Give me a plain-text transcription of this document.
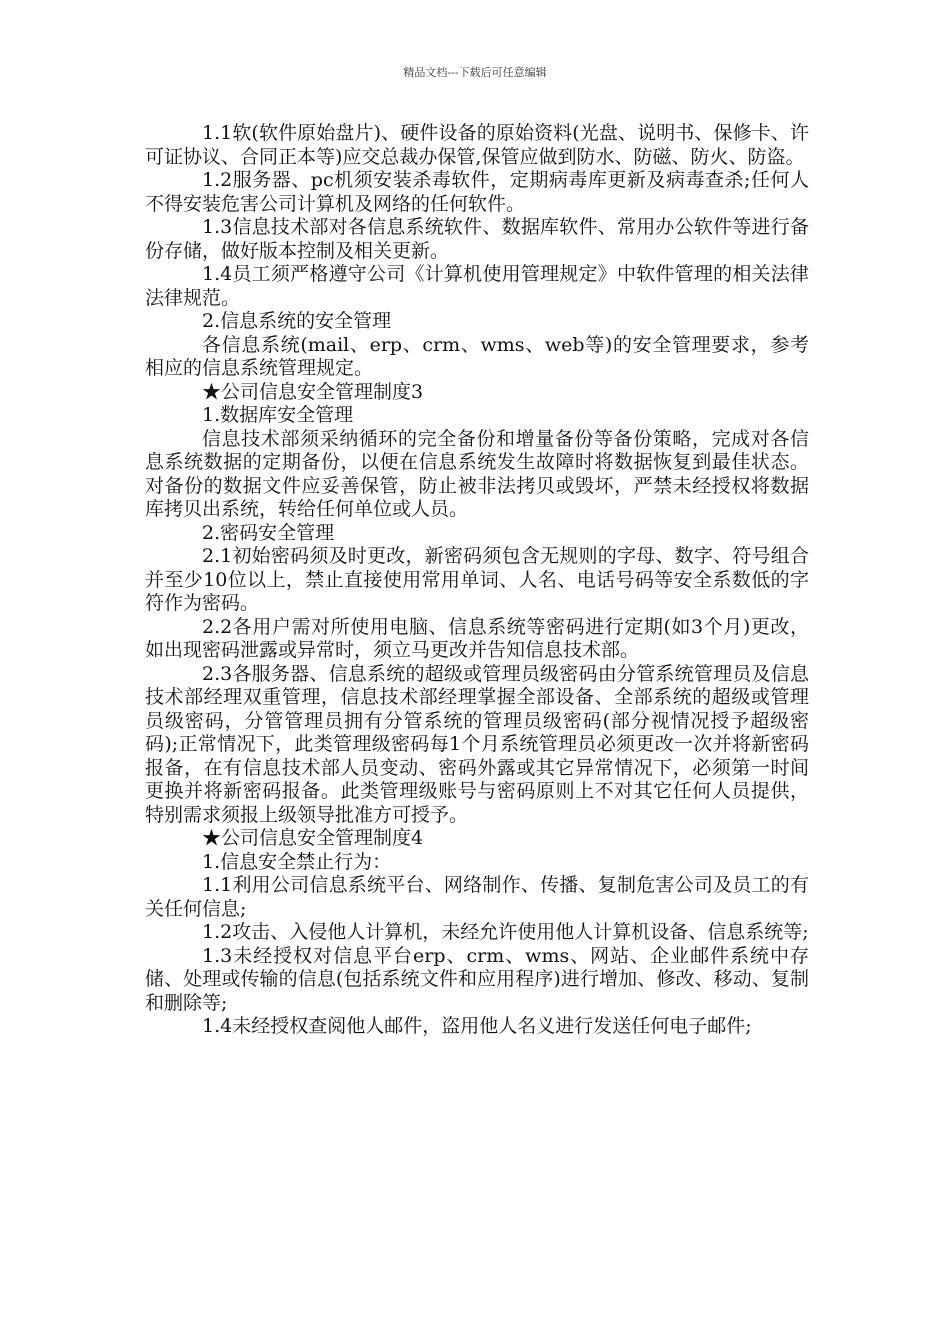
精品文档---下载后可任意编辑

1.1软(软件原始盘片)、硬件设备的原始资料(光盘、说明书、保修卡、许可证协议、合同正本等)应交总裁办保管,保管应做到防水、防磁、防火、防盗。

1.2服务器、pc机须安装杀毒软件，定期病毒库更新及病毒查杀;任何人不得安装危害公司计算机及网络的任何软件。

1.3信息技术部对各信息系统软件、数据库软件、常用办公软件等进行备份存储，做好版本控制及相关更新。

1.4员工须严格遵守公司《计算机使用管理规定》中软件管理的相关法律法律规范。

2.信息系统的安全管理

各信息系统(mail、erp、crm、wms、web等)的安全管理要求，参考相应的信息系统管理规定。

★公司信息安全管理制度3

1.数据库安全管理

信息技术部须采纳循环的完全备份和增量备份等备份策略，完成对各信息系统数据的定期备份，以便在信息系统发生故障时将数据恢复到最佳状态。对备份的数据文件应妥善保管，防止被非法拷贝或毁坏，严禁未经授权将数据库拷贝出系统，转给任何单位或人员。

2.密码安全管理

2.1初始密码须及时更改，新密码须包含无规则的字母、数字、符号组合并至少10位以上，禁止直接使用常用单词、人名、电话号码等安全系数低的字符作为密码。

2.2各用户需对所使用电脑、信息系统等密码进行定期(如3个月)更改，如出现密码泄露或异常时，须立马更改并告知信息技术部。

2.3各服务器、信息系统的超级或管理员级密码由分管系统管理员及信息技术部经理双重管理，信息技术部经理掌握全部设备、全部系统的超级或管理员级密码，分管管理员拥有分管系统的管理员级密码(部分视情况授予超级密码);正常情况下，此类管理级密码每1个月系统管理员必须更改一次并将新密码报备，在有信息技术部人员变动、密码外露或其它异常情况下，必须第一时间更换并将新密码报备。此类管理级账号与密码原则上不对其它任何人员提供，特别需求须报上级领导批准方可授予。

★公司信息安全管理制度4

1.信息安全禁止行为：

1.1利用公司信息系统平台、网络制作、传播、复制危害公司及员工的有关任何信息;

1.2攻击、入侵他人计算机，未经允许使用他人计算机设备、信息系统等;

1.3未经授权对信息平台erp、crm、wms、网站、企业邮件系统中存储、处理或传输的信息(包括系统文件和应用程序)进行增加、修改、移动、复制和删除等;

1.4未经授权查阅他人邮件，盗用他人名义进行发送任何电子邮件;
